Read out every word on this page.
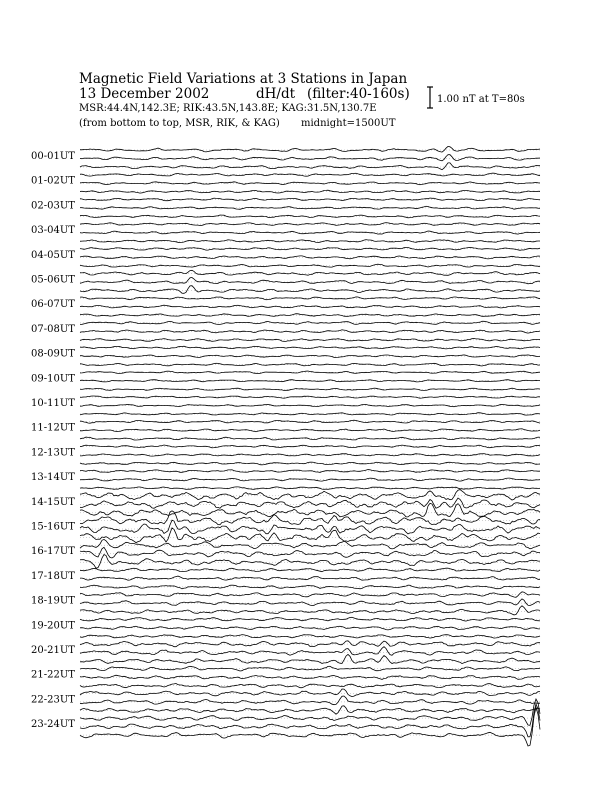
00-01UT
01-02UT
02-03UT
03-04UT
04-05UT
05-06UT
06-07UT
07-08UT
08-09UT
09-10UT
10-11UT
11-12UT
12-13UT
13-14UT
14-15UT
15-16UT
16-17UT
17-18UT
18-19UT
19-20UT
20-21UT
21-22UT
22-23UT
23-24UT
Magnetic Field Variations at 3 Stations in Japan
13 December 2002	dH/dt (filter:40-160s)
MSR:44.4N,142.3E; RIK:43.5N,143.8E; KAG:31.5N,130.7E
(from bottom to top, MSR, RIK, & KAG) midnight=1500UT
1.00 nT at T=80s
